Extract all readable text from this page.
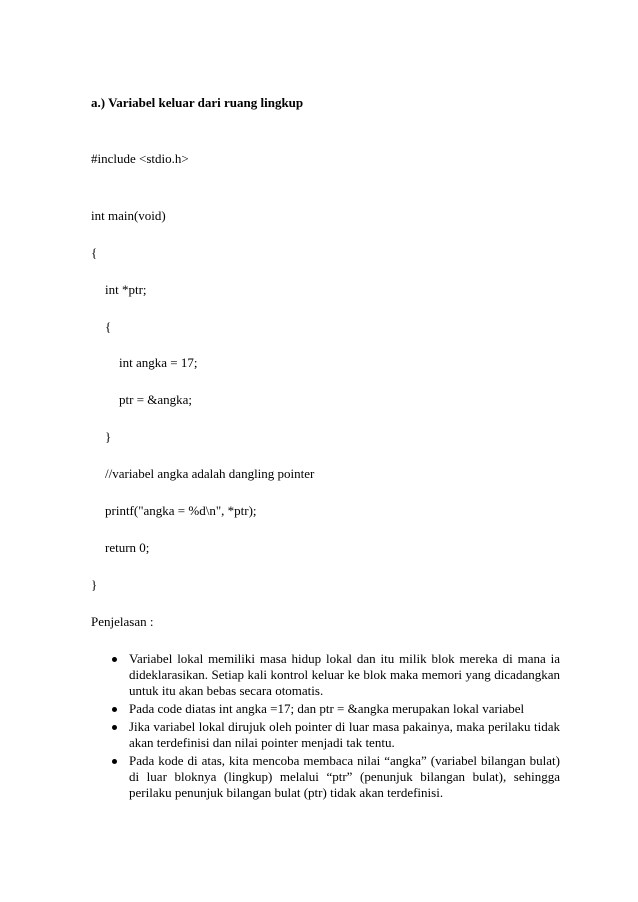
a.) Variabel keluar dari ruang lingkup
#include <stdio.h>
int main(void)
{
int *ptr;
{
int angka = 17;
ptr = &angka;
}
//variabel angka adalah dangling pointer
printf("angka = %d\n", *ptr);
return 0;
}
Penjelasan :
Variabel lokal memiliki masa hidup lokal dan itu milik blok mereka di mana ia dideklarasikan. Setiap kali kontrol keluar ke blok maka memori yang dicadangkan untuk itu akan bebas secara otomatis.
Pada code diatas int angka =17; dan ptr = &angka merupakan lokal variabel
Jika variabel lokal dirujuk oleh pointer di luar masa pakainya, maka perilaku tidak akan terdefinisi dan nilai pointer menjadi tak tentu.
Pada kode di atas, kita mencoba membaca nilai “angka” (variabel bilangan bulat) di luar bloknya (lingkup) melalui “ptr” (penunjuk bilangan bulat), sehingga perilaku penunjuk bilangan bulat (ptr) tidak akan terdefinisi.
